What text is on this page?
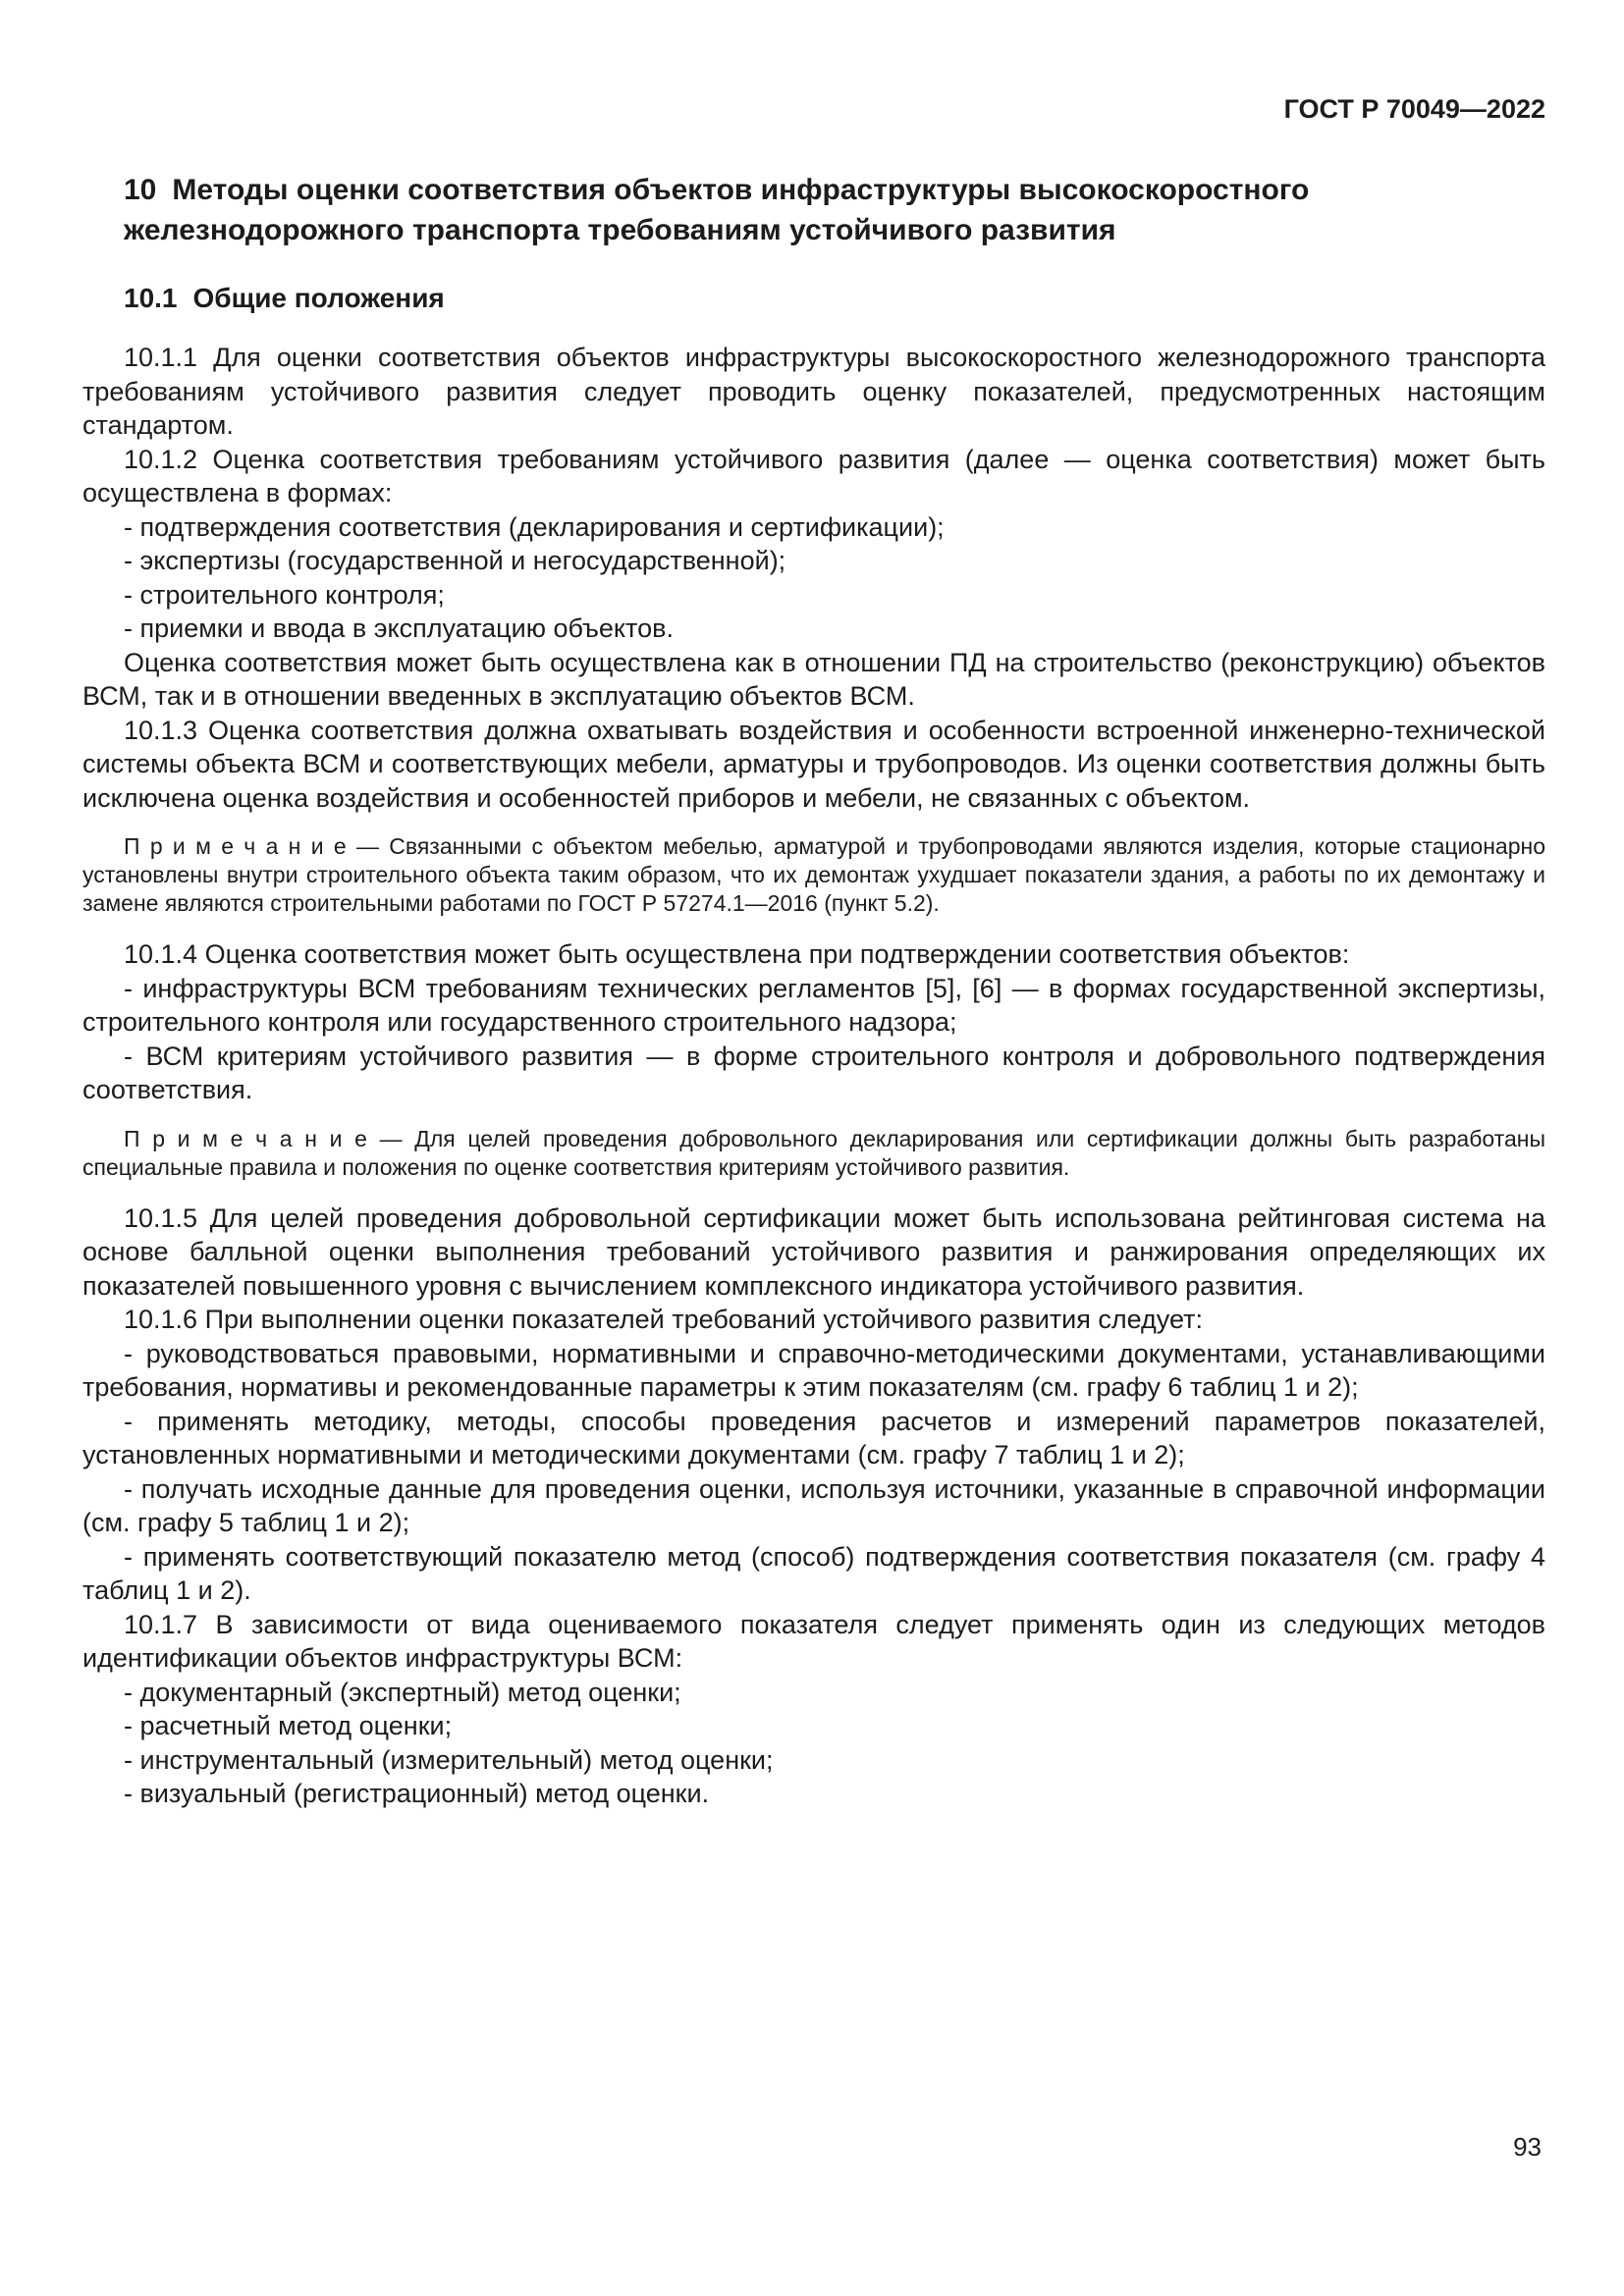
ГОСТ Р 70049—2022

10 Методы оценки соответствия объектов инфраструктуры высокоскоростного железнодорожного транспорта требованиям устойчивого развития
10.1 Общие положения

10.1.1 Для оценки соответствия объектов инфраструктуры высокоскоростного железнодорожного транспорта требованиям устойчивого развития следует проводить оценку показателей, предусмотренных настоящим стандартом.

10.1.2 Оценка соответствия требованиям устойчивого развития (далее — оценка соответствия) может быть осуществлена в формах:

- подтверждения соответствия (декларирования и сертификации);

- экспертизы (государственной и негосударственной);

- строительного контроля;

- приемки и ввода в эксплуатацию объектов.

Оценка соответствия может быть осуществлена как в отношении ПД на строительство (реконструкцию) объектов ВСМ, так и в отношении введенных в эксплуатацию объектов ВСМ.

10.1.3 Оценка соответствия должна охватывать воздействия и особенности встроенной инженерно-технической системы объекта ВСМ и соответствующих мебели, арматуры и трубопроводов. Из оценки соответствия должны быть исключена оценка воздействия и особенностей приборов и мебели, не связанных с объектом.

П р и м е ч а н и е — Связанными с объектом мебелью, арматурой и трубопроводами являются изделия, которые стационарно установлены внутри строительного объекта таким образом, что их демонтаж ухудшает показатели здания, а работы по их демонтажу и замене являются строительными работами по ГОСТ Р 57274.1—2016 (пункт 5.2).

10.1.4 Оценка соответствия может быть осуществлена при подтверждении соответствия объектов:

- инфраструктуры ВСМ требованиям технических регламентов [5], [6] — в формах государственной экспертизы, строительного контроля или государственного строительного надзора;

- ВСМ критериям устойчивого развития — в форме строительного контроля и добровольного подтверждения соответствия.

П р и м е ч а н и е — Для целей проведения добровольного декларирования или сертификации должны быть разработаны специальные правила и положения по оценке соответствия критериям устойчивого развития.

10.1.5 Для целей проведения добровольной сертификации может быть использована рейтинговая система на основе балльной оценки выполнения требований устойчивого развития и ранжирования определяющих их показателей повышенного уровня с вычислением комплексного индикатора устойчивого развития.

10.1.6 При выполнении оценки показателей требований устойчивого развития следует:

- руководствоваться правовыми, нормативными и справочно-методическими документами, устанавливающими требования, нормативы и рекомендованные параметры к этим показателям (см. графу 6 таблиц 1 и 2);

- применять методику, методы, способы проведения расчетов и измерений параметров показателей, установленных нормативными и методическими документами (см. графу 7 таблиц 1 и 2);

- получать исходные данные для проведения оценки, используя источники, указанные в справочной информации (см. графу 5 таблиц 1 и 2);

- применять соответствующий показателю метод (способ) подтверждения соответствия показателя (см. графу 4 таблиц 1 и 2).

10.1.7 В зависимости от вида оцениваемого показателя следует применять один из следующих методов идентификации объектов инфраструктуры ВСМ:

- документарный (экспертный) метод оценки;

- расчетный метод оценки;

- инструментальный (измерительный) метод оценки;

- визуальный (регистрационный) метод оценки.

93
